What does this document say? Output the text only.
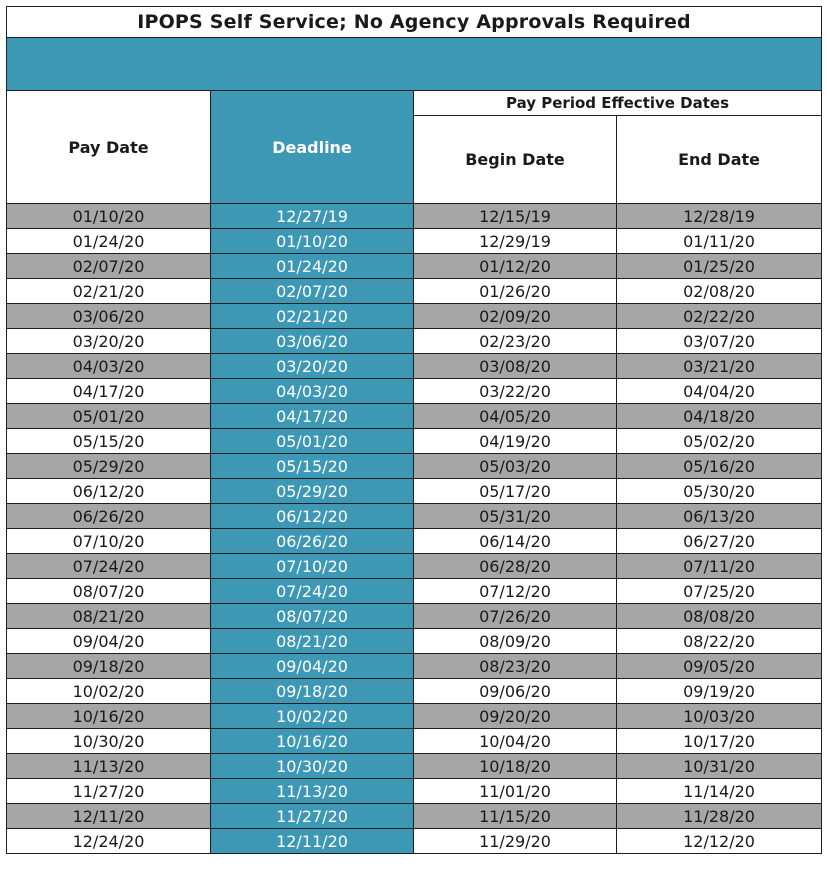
IPOPS Self Service; No Agency Approvals Required			

Pay Date	Deadline	Pay Period Effective Dates	
		Begin Date	End Date
01/10/20	12/27/19	12/15/19	12/28/19
01/24/20	01/10/20	12/29/19	01/11/20
02/07/20	01/24/20	01/12/20	01/25/20
02/21/20	02/07/20	01/26/20	02/08/20
03/06/20	02/21/20	02/09/20	02/22/20
03/20/20	03/06/20	02/23/20	03/07/20
04/03/20	03/20/20	03/08/20	03/21/20
04/17/20	04/03/20	03/22/20	04/04/20
05/01/20	04/17/20	04/05/20	04/18/20
05/15/20	05/01/20	04/19/20	05/02/20
05/29/20	05/15/20	05/03/20	05/16/20
06/12/20	05/29/20	05/17/20	05/30/20
06/26/20	06/12/20	05/31/20	06/13/20
07/10/20	06/26/20	06/14/20	06/27/20
07/24/20	07/10/20	06/28/20	07/11/20
08/07/20	07/24/20	07/12/20	07/25/20
08/21/20	08/07/20	07/26/20	08/08/20
09/04/20	08/21/20	08/09/20	08/22/20
09/18/20	09/04/20	08/23/20	09/05/20
10/02/20	09/18/20	09/06/20	09/19/20
10/16/20	10/02/20	09/20/20	10/03/20
10/30/20	10/16/20	10/04/20	10/17/20
11/13/20	10/30/20	10/18/20	10/31/20
11/27/20	11/13/20	11/01/20	11/14/20
12/11/20	11/27/20	11/15/20	11/28/20
12/24/20	12/11/20	11/29/20	12/12/20
